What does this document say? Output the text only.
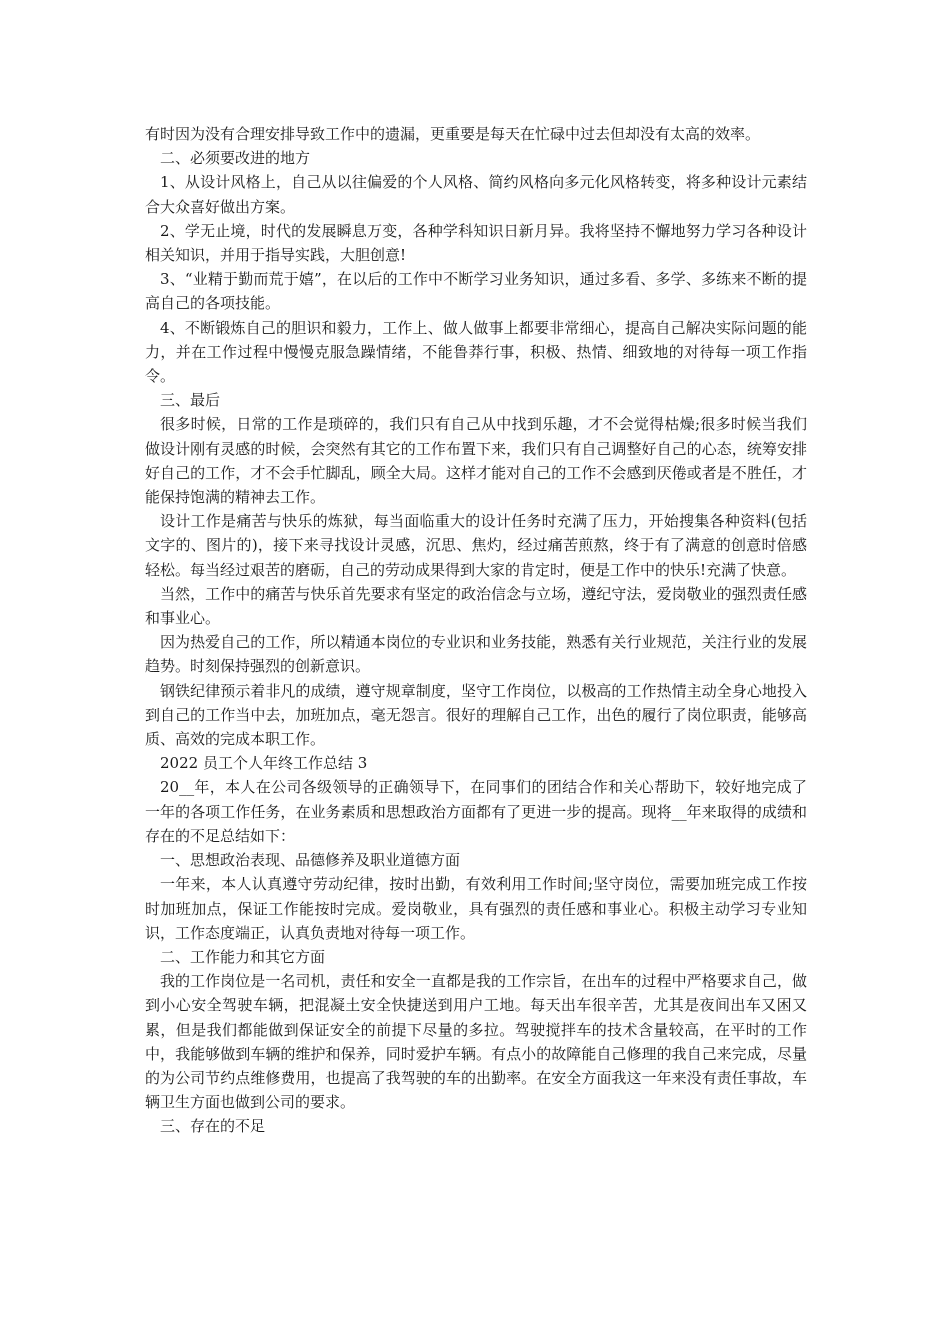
有时因为没有合理安排导致工作中的遗漏，更重要是每天在忙碌中过去但却没有太高的效率。

二、必须要改进的地方

1、从设计风格上，自己从以往偏爱的个人风格、简约风格向多元化风格转变，将多种设计元素结合大众喜好做出方案。

2、学无止境，时代的发展瞬息万变，各种学科知识日新月异。我将坚持不懈地努力学习各种设计相关知识，并用于指导实践，大胆创意!

3、“业精于勤而荒于嬉”，在以后的工作中不断学习业务知识，通过多看、多学、多练来不断的提高自己的各项技能。

4、不断锻炼自己的胆识和毅力，工作上、做人做事上都要非常细心，提高自己解决实际问题的能力，并在工作过程中慢慢克服急躁情绪，不能鲁莽行事，积极、热情、细致地的对待每一项工作指令。

三、最后

很多时候，日常的工作是琐碎的，我们只有自己从中找到乐趣，才不会觉得枯燥;很多时候当我们做设计刚有灵感的时候，会突然有其它的工作布置下来，我们只有自己调整好自己的心态，统筹安排好自己的工作，才不会手忙脚乱，顾全大局。这样才能对自己的工作不会感到厌倦或者是不胜任，才能保持饱满的精神去工作。

设计工作是痛苦与快乐的炼狱，每当面临重大的设计任务时充满了压力，开始搜集各种资料(包括文字的、图片的)，接下来寻找设计灵感，沉思、焦灼，经过痛苦煎熬，终于有了满意的创意时倍感轻松。每当经过艰苦的磨砺，自己的劳动成果得到大家的肯定时，便是工作中的快乐!充满了快意。

当然，工作中的痛苦与快乐首先要求有坚定的政治信念与立场，遵纪守法，爱岗敬业的强烈责任感和事业心。

因为热爱自己的工作，所以精通本岗位的专业识和业务技能，熟悉有关行业规范，关注行业的发展趋势。时刻保持强烈的创新意识。

钢铁纪律预示着非凡的成绩，遵守规章制度，坚守工作岗位，以极高的工作热情主动全身心地投入到自己的工作当中去，加班加点，毫无怨言。很好的理解自己工作，出色的履行了岗位职责，能够高质、高效的完成本职工作。

2022 员工个人年终工作总结 3

20__年，本人在公司各级领导的正确领导下，在同事们的团结合作和关心帮助下，较好地完成了一年的各项工作任务，在业务素质和思想政治方面都有了更进一步的提高。现将__年来取得的成绩和存在的不足总结如下：

一、思想政治表现、品德修养及职业道德方面

一年来，本人认真遵守劳动纪律，按时出勤，有效利用工作时间;坚守岗位，需要加班完成工作按时加班加点，保证工作能按时完成。爱岗敬业，具有强烈的责任感和事业心。积极主动学习专业知识，工作态度端正，认真负责地对待每一项工作。

二、工作能力和其它方面

我的工作岗位是一名司机，责任和安全一直都是我的工作宗旨，在出车的过程中严格要求自己，做到小心安全驾驶车辆，把混凝土安全快捷送到用户工地。每天出车很辛苦，尤其是夜间出车又困又累，但是我们都能做到保证安全的前提下尽量的多拉。驾驶搅拌车的技术含量较高，在平时的工作中，我能够做到车辆的维护和保养，同时爱护车辆。有点小的故障能自己修理的我自己来完成，尽量的为公司节约点维修费用，也提高了我驾驶的车的出勤率。在安全方面我这一年来没有责任事故，车辆卫生方面也做到公司的要求。

三、存在的不足
